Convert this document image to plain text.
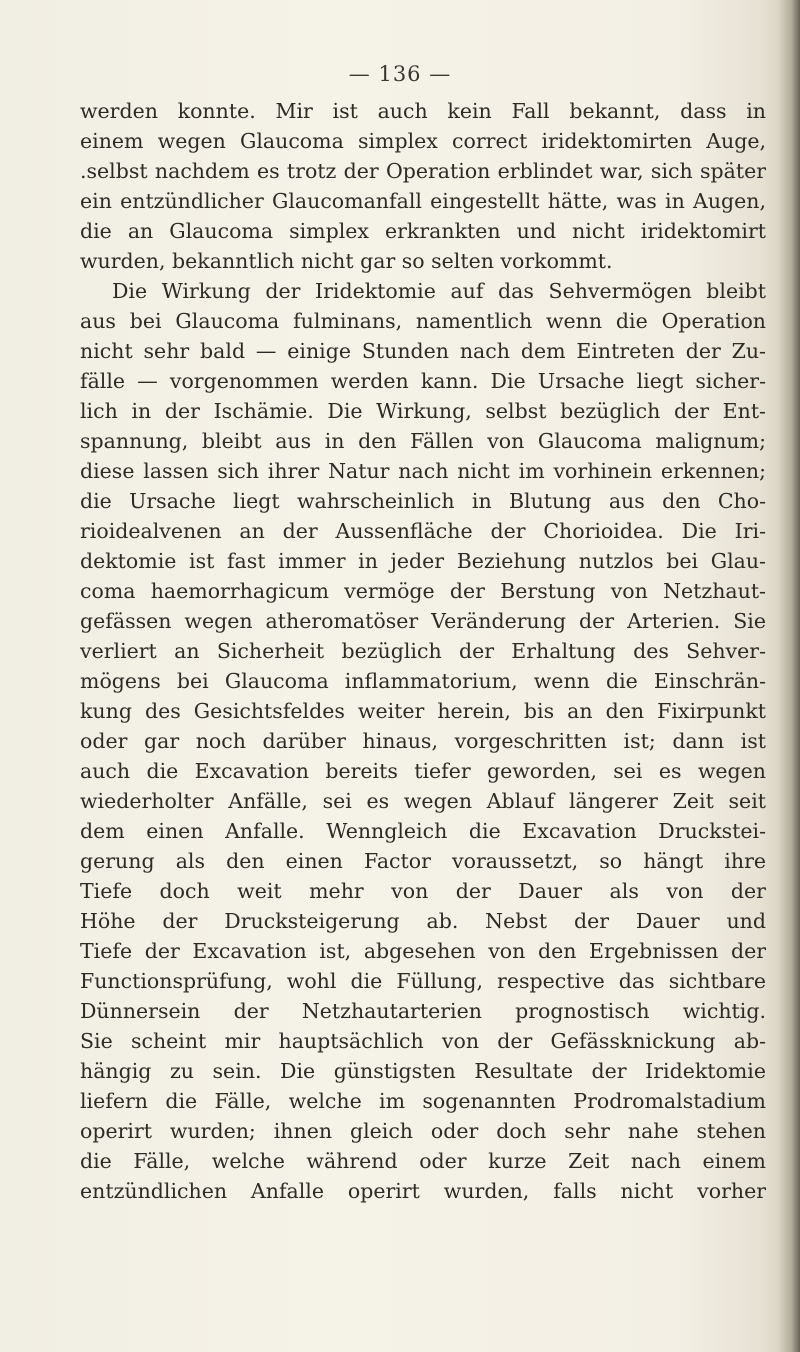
— 136 —
werden konnte. Mir ist auch kein Fall bekannt, dass in
einem wegen Glaucoma simplex correct iridektomirten Auge,
.selbst nachdem es trotz der Operation erblindet war, sich später
ein entzündlicher Glaucomanfall eingestellt hätte, was in Augen,
die an Glaucoma simplex erkrankten und nicht iridektomirt
wurden, bekanntlich nicht gar so selten vorkommt.
Die Wirkung der Iridektomie auf das Sehvermögen bleibt
aus bei Glaucoma fulminans, namentlich wenn die Operation
nicht sehr bald — einige Stunden nach dem Eintreten der Zu-
fälle — vorgenommen werden kann. Die Ursache liegt sicher-
lich in der Ischämie. Die Wirkung, selbst bezüglich der Ent-
spannung, bleibt aus in den Fällen von Glaucoma malignum;
diese lassen sich ihrer Natur nach nicht im vorhinein erkennen;
die Ursache liegt wahrscheinlich in Blutung aus den Cho-
rioidealvenen an der Aussenfläche der Chorioidea. Die Iri-
dektomie ist fast immer in jeder Beziehung nutzlos bei Glau-
coma haemorrhagicum vermöge der Berstung von Netzhaut-
gefässen wegen atheromatöser Veränderung der Arterien. Sie
verliert an Sicherheit bezüglich der Erhaltung des Sehver-
mögens bei Glaucoma inflammatorium, wenn die Einschrän-
kung des Gesichtsfeldes weiter herein, bis an den Fixirpunkt
oder gar noch darüber hinaus, vorgeschritten ist; dann ist
auch die Excavation bereits tiefer geworden, sei es wegen
wiederholter Anfälle, sei es wegen Ablauf längerer Zeit seit
dem einen Anfalle. Wenngleich die Excavation Druckstei-
gerung als den einen Factor voraussetzt, so hängt ihre
Tiefe doch weit mehr von der Dauer als von der
Höhe der Drucksteigerung ab. Nebst der Dauer und
Tiefe der Excavation ist, abgesehen von den Ergebnissen der
Functionsprüfung, wohl die Füllung, respective das sichtbare
Dünnersein der Netzhautarterien prognostisch wichtig.
Sie scheint mir hauptsächlich von der Gefässknickung ab-
hängig zu sein. Die günstigsten Resultate der Iridektomie
liefern die Fälle, welche im sogenannten Prodromalstadium
operirt wurden; ihnen gleich oder doch sehr nahe stehen
die Fälle, welche während oder kurze Zeit nach einem
entzündlichen Anfalle operirt wurden, falls nicht vorher
